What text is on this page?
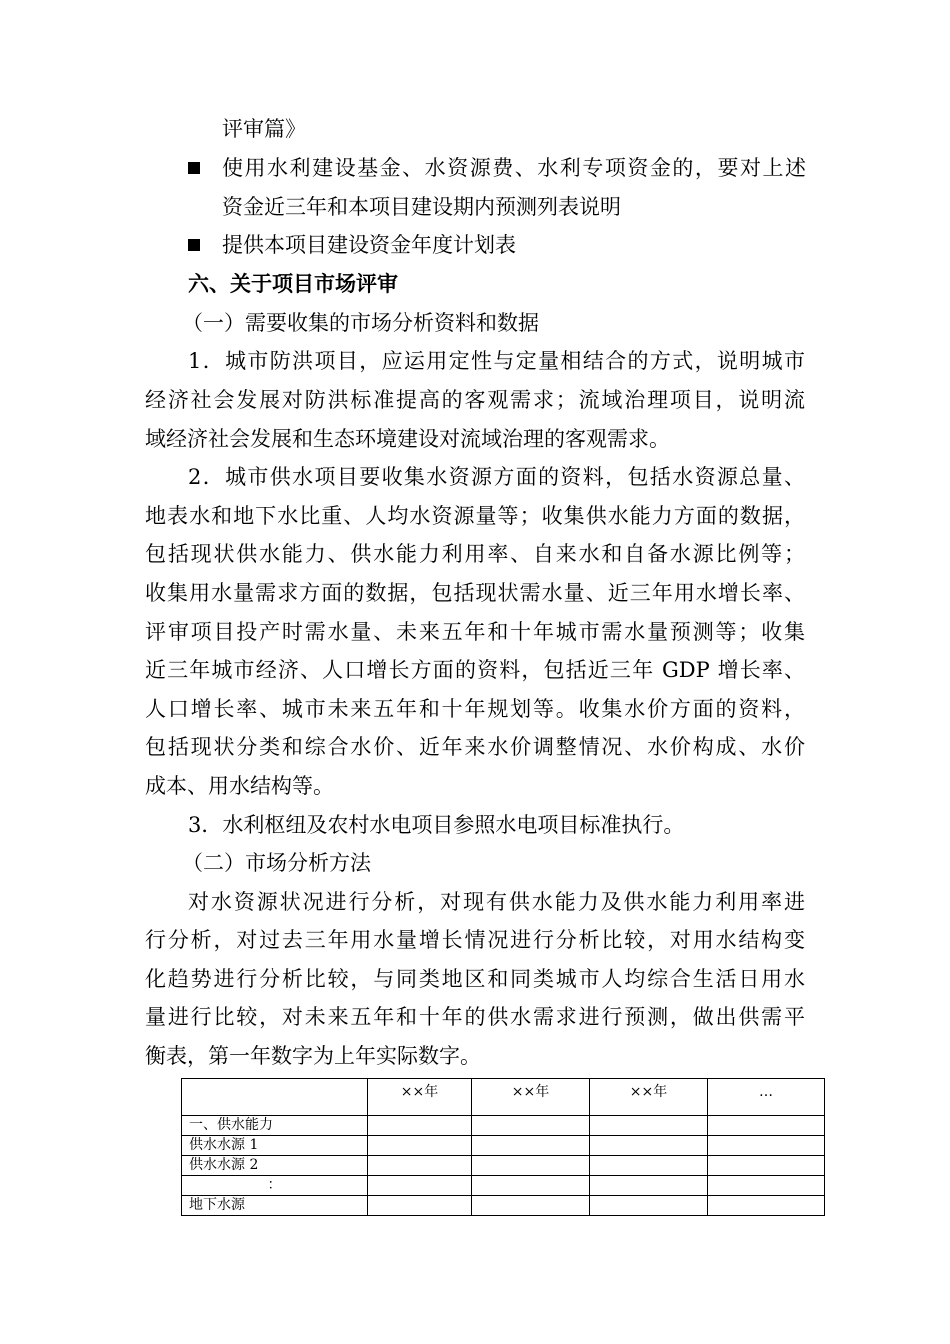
评审篇》
使用水利建设基金、水资源费、水利专项资金的，要对上述
资金近三年和本项目建设期内预测列表说明
提供本项目建设资金年度计划表
六、关于项目市场评审
（一）需要收集的市场分析资料和数据
1．城市防洪项目，应运用定性与定量相结合的方式，说明城市
经济社会发展对防洪标准提高的客观需求；流域治理项目，说明流
域经济社会发展和生态环境建设对流域治理的客观需求。
2．城市供水项目要收集水资源方面的资料，包括水资源总量、
地表水和地下水比重、人均水资源量等；收集供水能力方面的数据，
包括现状供水能力、供水能力利用率、自来水和自备水源比例等；
收集用水量需求方面的数据，包括现状需水量、近三年用水增长率、
评审项目投产时需水量、未来五年和十年城市需水量预测等；收集
近三年城市经济、人口增长方面的资料，包括近三年 GDP 增长率、
人口增长率、城市未来五年和十年规划等。收集水价方面的资料，
包括现状分类和综合水价、近年来水价调整情况、水价构成、水价
成本、用水结构等。
3．水利枢纽及农村水电项目参照水电项目标准执行。
（二）市场分析方法
对水资源状况进行分析，对现有供水能力及供水能力利用率进
行分析，对过去三年用水量增长情况进行分析比较，对用水结构变
化趋势进行分析比较，与同类地区和同类城市人均综合生活日用水
量进行比较，对未来五年和十年的供水需求进行预测，做出供需平
衡表，第一年数字为上年实际数字。
	××年	××年	××年	…
一、供水能力				
供水水源 1				
供水水源 2				
：				
地下水源				
